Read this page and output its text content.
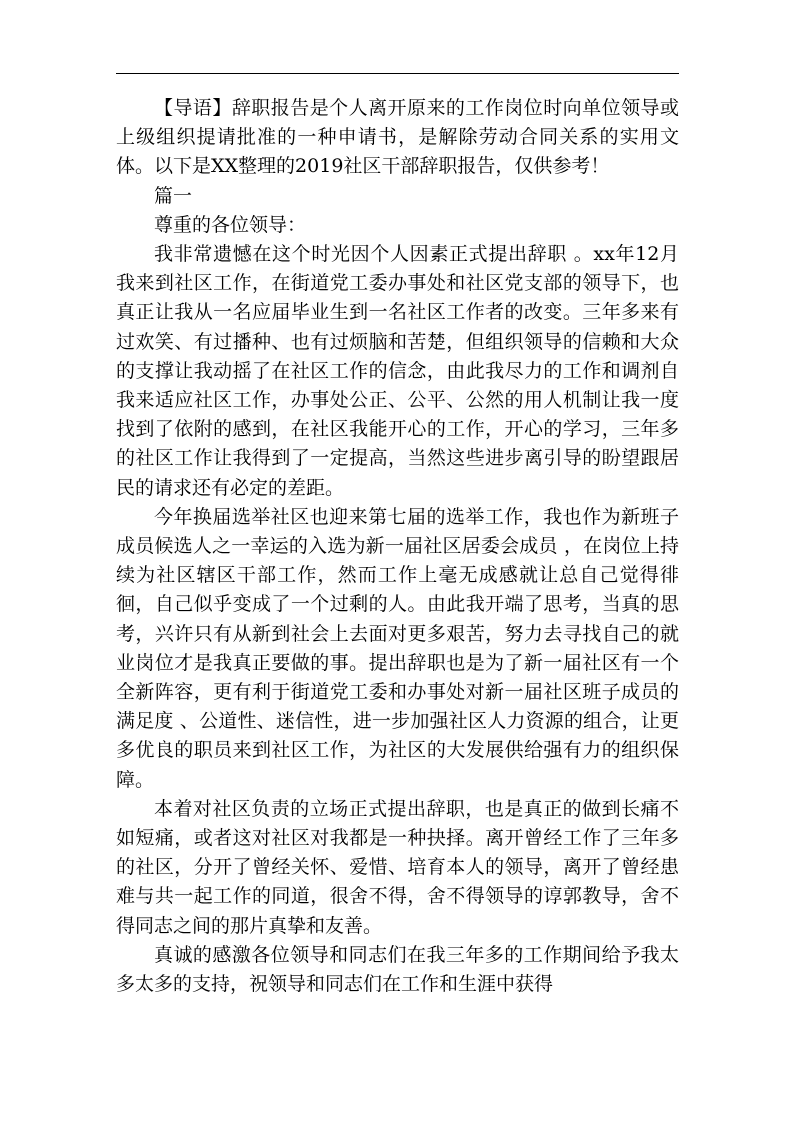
【导语】辞职报告是个人离开原来的工作岗位时向单位领导或上级组织提请批准的一种申请书，是解除劳动合同关系的实用文体。以下是XX整理的2019社区干部辞职报告，仅供参考！

篇一

尊重的各位领导：

我非常遗憾在这个时光因个人因素正式提出辞职 。xx年12月我来到社区工作，在街道党工委办事处和社区党支部的领导下，也真正让我从一名应届毕业生到一名社区工作者的改变。三年多来有过欢笑、有过播种、也有过烦脑和苦楚，但组织领导的信赖和大众的支撑让我动摇了在社区工作的信念，由此我尽力的工作和调剂自我来适应社区工作，办事处公正、公平、公然的用人机制让我一度找到了依附的感到，在社区我能开心的工作，开心的学习，三年多的社区工作让我得到了一定提高，当然这些进步离引导的盼望跟居民的请求还有必定的差距。

今年换届选举社区也迎来第七届的选举工作，我也作为新班子成员候选人之一幸运的入选为新一届社区居委会成员 ，在岗位上持续为社区辖区干部工作，然而工作上毫无成感就让总自己觉得徘徊，自己似乎变成了一个过剩的人。由此我开端了思考，当真的思考，兴许只有从新到社会上去面对更多艰苦，努力去寻找自己的就业岗位才是我真正要做的事。提出辞职也是为了新一届社区有一个全新阵容，更有利于街道党工委和办事处对新一届社区班子成员的满足度 、公道性、迷信性，进一步加强社区人力资源的组合，让更多优良的职员来到社区工作，为社区的大发展供给强有力的组织保障。

本着对社区负责的立场正式提出辞职，也是真正的做到长痛不如短痛，或者这对社区对我都是一种抉择。离开曾经工作了三年多的社区，分开了曾经关怀、爱惜、培育本人的领导，离开了曾经患难与共一起工作的同道，很舍不得，舍不得领导的谆郭教导，舍不得同志之间的那片真挚和友善。

真诚的感激各位领导和同志们在我三年多的工作期间给予我太多太多的支持，祝领导和同志们在工作和生涯中获得
